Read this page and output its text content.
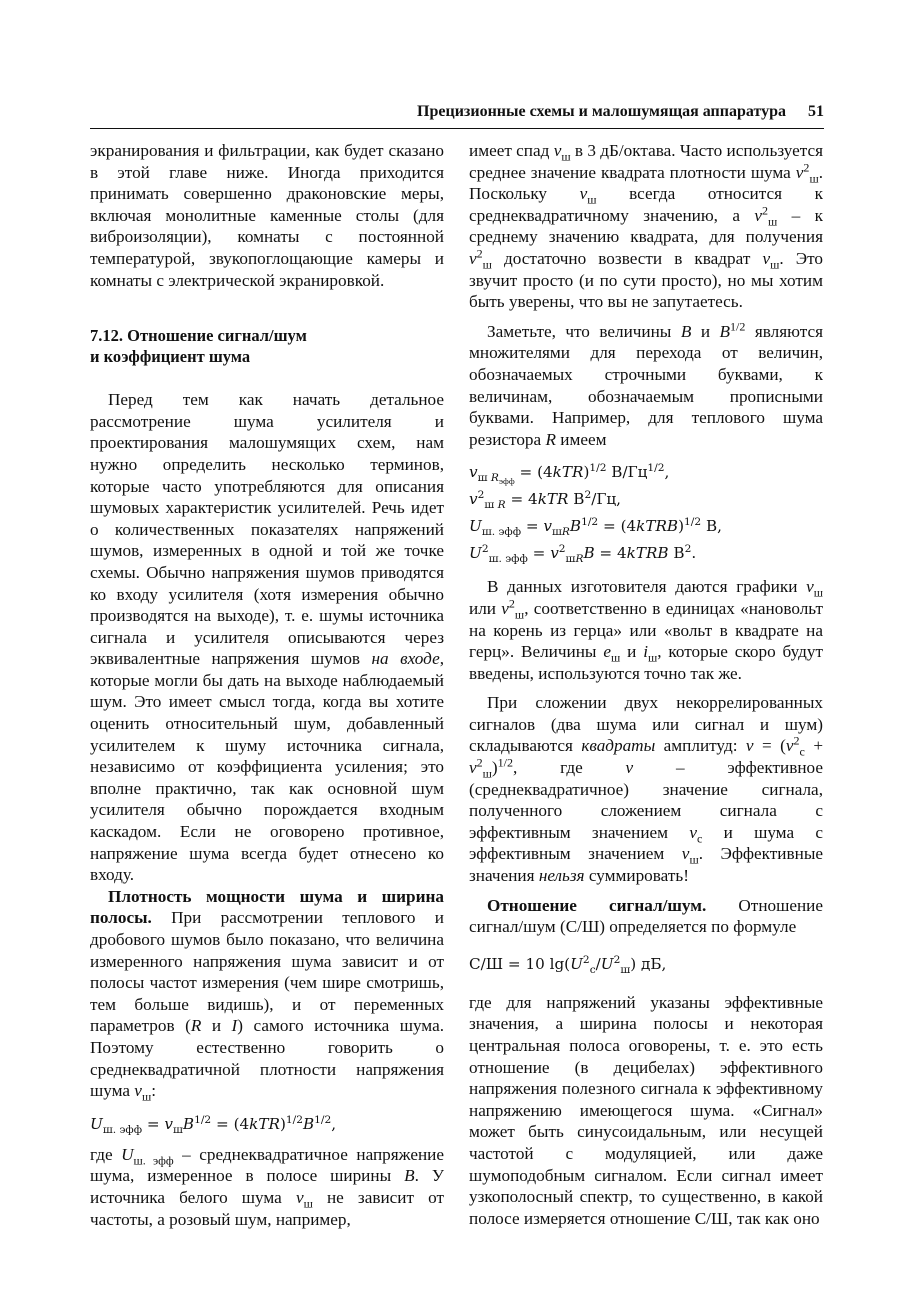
Прецизионные схемы и малошумящая аппаратура 51

экранирования и фильтрации, как будет сказано в этой главе ниже. Иногда приходится принимать совершенно драконовские меры, включая монолитные каменные столы (для виброизоляции), комнаты с постоянной температурой, звукопоглощающие камеры и комнаты с электрической экранировкой.

7.12. Отношение сигнал/шум
и коэффициент шума

Перед тем как начать детальное рассмотрение шума усилителя и проектирования малошумящих схем, нам нужно определить несколько терминов, которые часто употребляются для описания шумовых характеристик усилителей. Речь идет о количественных показателях напряжений шумов, измеренных в одной и той же точке схемы. Обычно напряжения шумов приводятся ко входу усилителя (хотя измерения обычно производятся на выходе), т. е. шумы источника сигнала и усилителя описываются через эквивалентные напряжения шумов на входе, которые могли бы дать на выходе наблюдаемый шум. Это имеет смысл тогда, когда вы хотите оценить относительный шум, добавленный усилителем к шуму источника сигнала, независимо от коэффициента усиления; это вполне практично, так как основной шум усилителя обычно порождается входным каскадом. Если не оговорено противное, напряжение шума всегда будет отнесено ко входу.

Плотность мощности шума и ширина полосы. При рассмотрении теплового и дробового шумов было показано, что величина измеренного напряжения шума зависит и от полосы частот измерения (чем шире смотришь, тем больше видишь), и от переменных параметров (R и I) самого источника шума. Поэтому естественно говорить о среднеквадратичной плотности напряжения шума $v_ш$:

$U_{ш. эфф} = v_шB^{1/2} = (4kTR)^{1/2}B^{1/2}$,

где $U_{ш. эфф}$ – среднеквадратичное напряжение шума, измеренное в полосе ширины B. У источника белого шума $v_ш$ не зависит от частоты, а розовый шум, например,

имеет спад $v_ш$ в 3 дБ/октава. Часто используется среднее значение квадрата плотности шума $v^2_ш$. Поскольку $v_ш$ всегда относится к среднеквадратичному значению, а $v^2_ш$ – к среднему значению квадрата, для получения $v^2_ш$ достаточно возвести в квадрат $v_ш$. Это звучит просто (и по сути просто), но мы хотим быть уверены, что вы не запутаетесь.

Заметьте, что величины B и $B^{1/2}$ являются множителями для перехода от величин, обозначаемых строчными буквами, к величинам, обозначаемым прописными буквами. Например, для теплового шума резистора R имеем

$v_{ш R_{эфф}} = (4kTR)^{1/2}$ $В/Гц^{1/2}$,
$v^2_{ш R} = 4kTR$ $В^2/Гц$,
$U_{ш. эфф} = v_{шR}B^{1/2}$ = (4kTRB)$^{1/2}$ В,
$U^2_{ш. эфф} = v^2_{шR}B$ = 4kTRB $В^2$.

В данных изготовителя даются графики $v_ш$ или $v^2_ш$, соответственно в единицах «нановольт на корень из герца» или «вольт в квадрате на герц». Величины $e_ш$ и $i_ш$, которые скоро будут введены, используются точно так же.

При сложении двух некоррелированных сигналов (два шума или сигнал и шум) складываются квадраты амплитуд: $v = (v^2_с + v^2_ш)^{1/2}$, где v – эффективное (среднеквадратичное) значение сигнала, полученного сложением сигнала с эффективным значением $v_с$ и шума с эффективным значением $v_ш$. Эффективные значения нельзя суммировать!

Отношение сигнал/шум. Отношение сигнал/шум (С/Ш) определяется по формуле

С/Ш = 10 $\lg(U^2_с/U^2_ш)$ дБ,

где для напряжений указаны эффективные значения, а ширина полосы и некоторая центральная полоса оговорены, т. е. это есть отношение (в децибелах) эффективного напряжения полезного сигнала к эффективному напряжению имеющегося шума. «Сигнал» может быть синусоидальным, или несущей частотой с модуляцией, или даже шумоподобным сигналом. Если сигнал имеет узкополосный спектр, то существенно, в какой полосе измеряется отношение С/Ш, так как оно
